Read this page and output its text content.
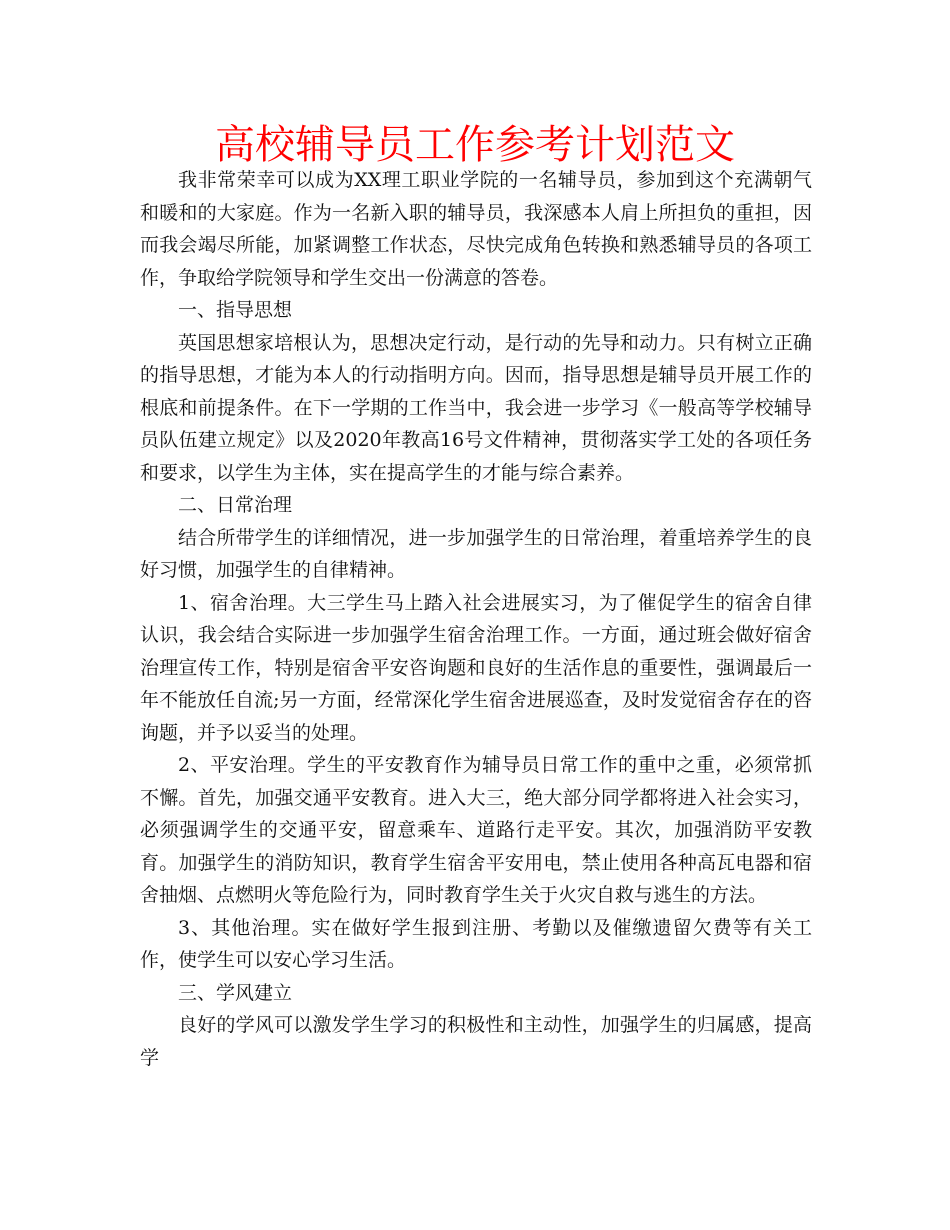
高校辅导员工作参考计划范文

我非常荣幸可以成为XX理工职业学院的一名辅导员，参加到这个充满朝气和暖和的大家庭。作为一名新入职的辅导员，我深感本人肩上所担负的重担，因而我会竭尽所能，加紧调整工作状态，尽快完成角色转换和熟悉辅导员的各项工作，争取给学院领导和学生交出一份满意的答卷。

一、指导思想

英国思想家培根认为，思想决定行动，是行动的先导和动力。只有树立正确的指导思想，才能为本人的行动指明方向。因而，指导思想是辅导员开展工作的根底和前提条件。在下一学期的工作当中，我会进一步学习《一般高等学校辅导员队伍建立规定》以及2020年教高16号文件精神，贯彻落实学工处的各项任务和要求，以学生为主体，实在提高学生的才能与综合素养。

二、日常治理

结合所带学生的详细情况，进一步加强学生的日常治理，着重培养学生的良好习惯，加强学生的自律精神。

1、宿舍治理。大三学生马上踏入社会进展实习，为了催促学生的宿舍自律认识，我会结合实际进一步加强学生宿舍治理工作。一方面，通过班会做好宿舍治理宣传工作，特别是宿舍平安咨询题和良好的生活作息的重要性，强调最后一年不能放任自流;另一方面，经常深化学生宿舍进展巡查，及时发觉宿舍存在的咨询题，并予以妥当的处理。

2、平安治理。学生的平安教育作为辅导员日常工作的重中之重，必须常抓不懈。首先，加强交通平安教育。进入大三，绝大部分同学都将进入社会实习，必须强调学生的交通平安，留意乘车、道路行走平安。其次，加强消防平安教育。加强学生的消防知识，教育学生宿舍平安用电，禁止使用各种高瓦电器和宿舍抽烟、点燃明火等危险行为，同时教育学生关于火灾自救与逃生的方法。

3、其他治理。实在做好学生报到注册、考勤以及催缴遗留欠费等有关工作，使学生可以安心学习生活。

三、学风建立

良好的学风可以激发学生学习的积极性和主动性，加强学生的归属感，提高学
